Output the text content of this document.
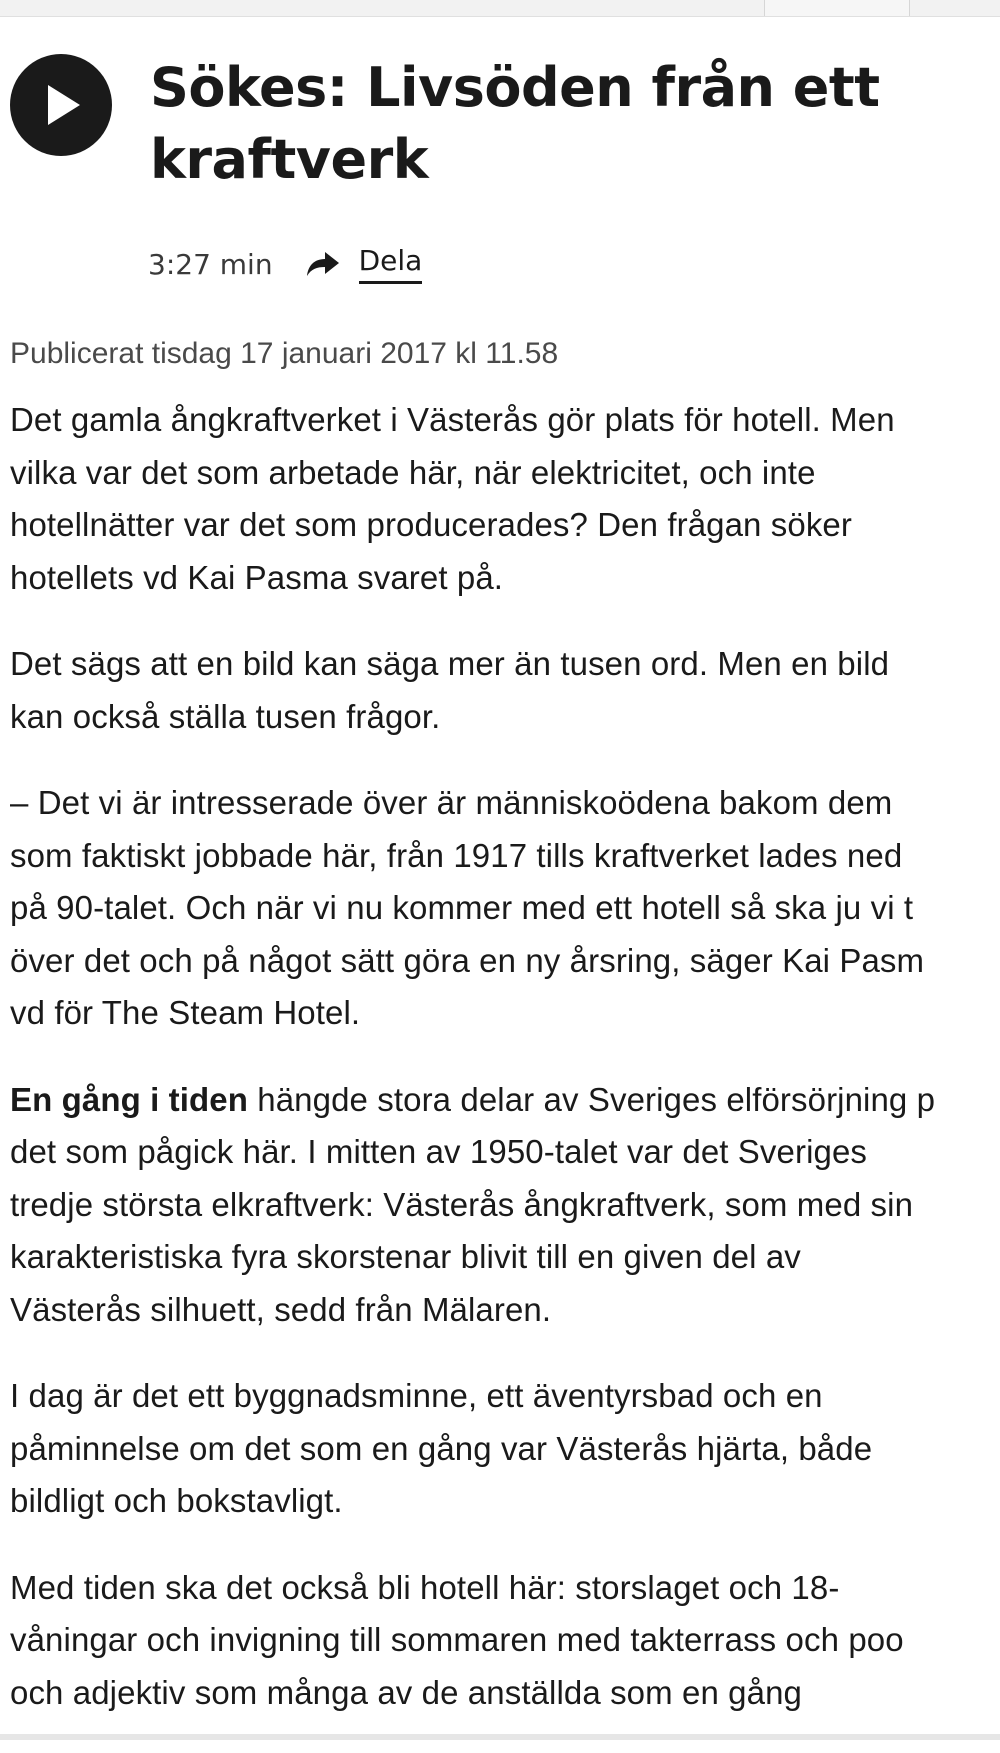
Sökes: Livsöden från ett
kraftverk
3:27 min	Dela

Publicerat tisdag 17 januari 2017 kl 11.58

Det gamla ångkraftverket i Västerås gör plats för hotell. Men
vilka var det som arbetade här, när elektricitet, och inte
hotellnätter var det som producerades? Den frågan söker
hotellets vd Kai Pasma svaret på.

Det sägs att en bild kan säga mer än tusen ord. Men en bild
kan också ställa tusen frågor.

– Det vi är intresserade över är människoödena bakom dem
som faktiskt jobbade här, från 1917 tills kraftverket lades ned
på 90-talet. Och när vi nu kommer med ett hotell så ska ju vi t
över det och på något sätt göra en ny årsring, säger Kai Pasm
vd för The Steam Hotel.

En gång i tiden hängde stora delar av Sveriges elförsörjning p
det som pågick här. I mitten av 1950-talet var det Sveriges
tredje största elkraftverk: Västerås ångkraftverk, som med sin
karakteristiska fyra skorstenar blivit till en given del av
Västerås silhuett, sedd från Mälaren.

I dag är det ett byggnadsminne, ett äventyrsbad och en
påminnelse om det som en gång var Västerås hjärta, både
bildligt och bokstavligt.

Med tiden ska det också bli hotell här: storslaget och 18-
våningar och invigning till sommaren med takterrass och poo
och adjektiv som många av de anställda som en gång
